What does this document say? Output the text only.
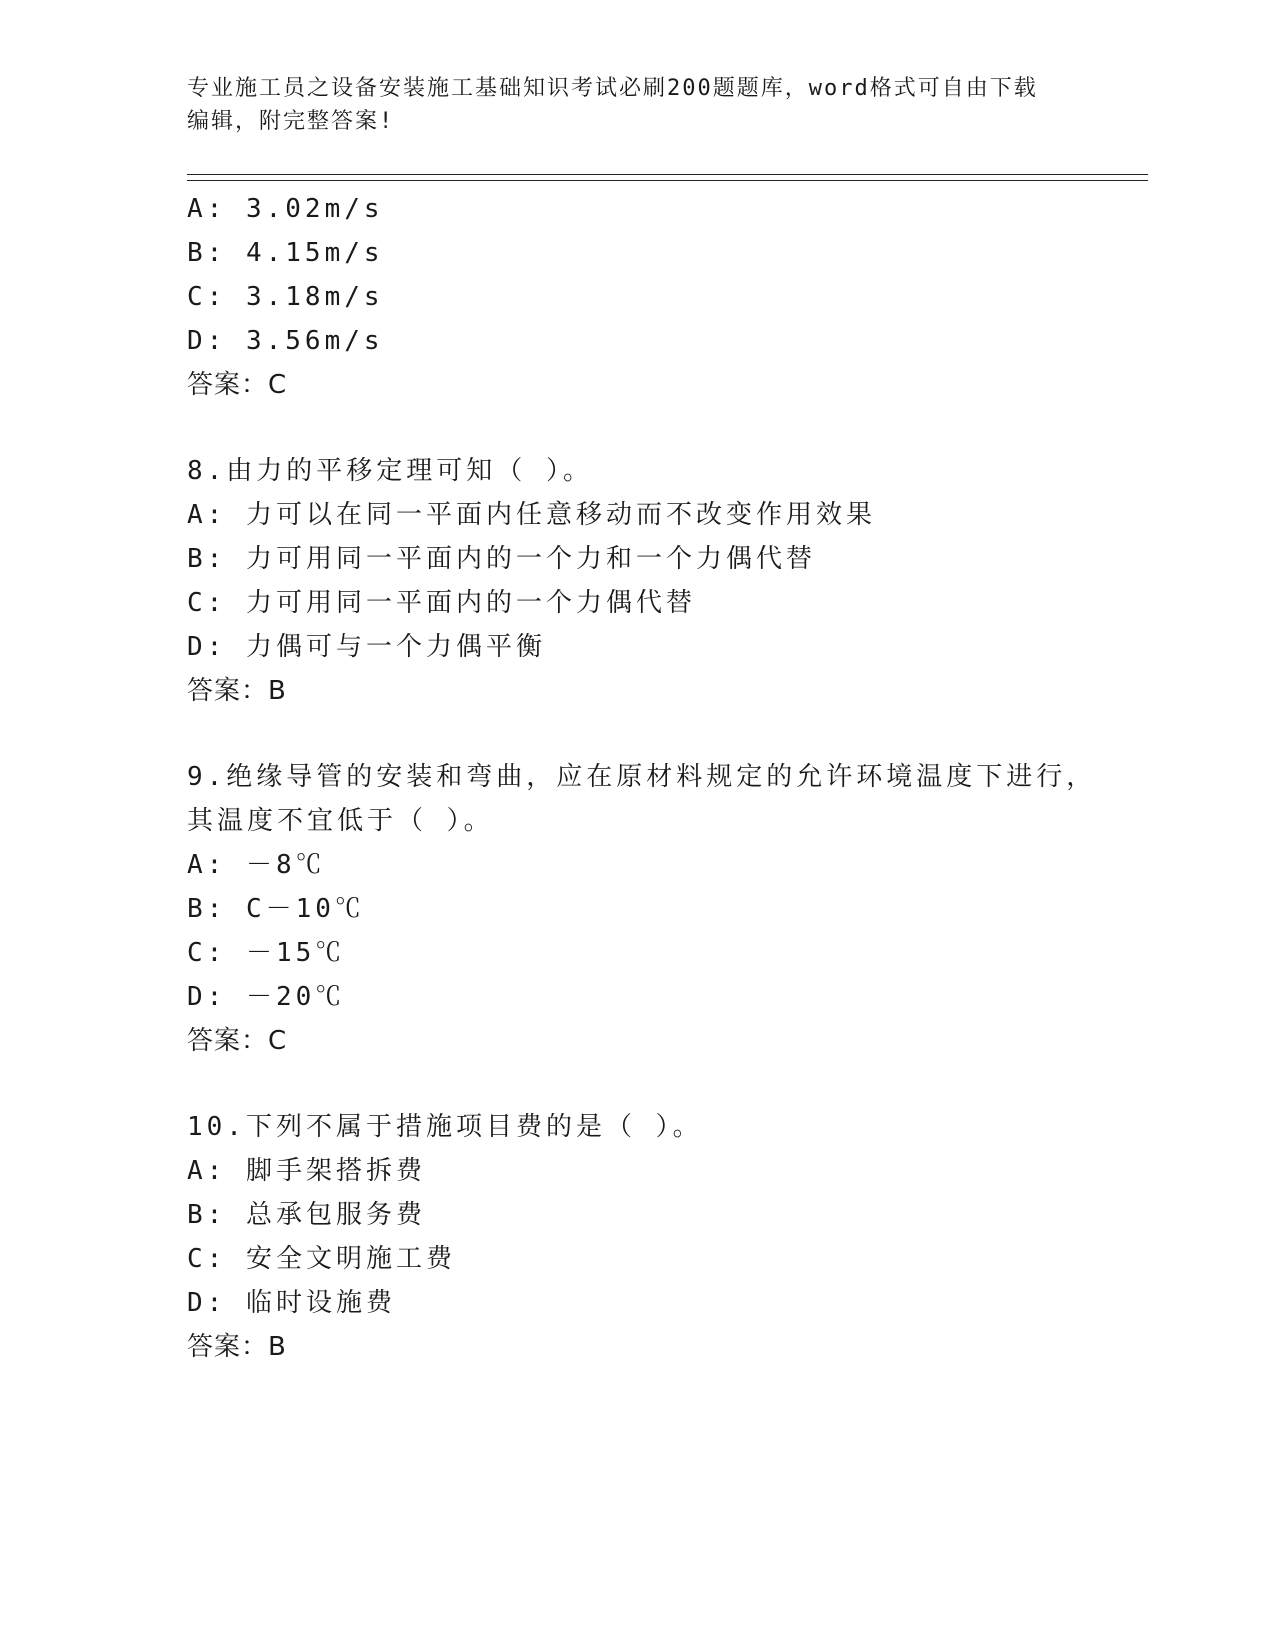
专业施工员之设备安装施工基础知识考试必刷200题题库，word格式可自由下载
编辑，附完整答案!
A: 3.02m/s
B: 4.15m/s
C: 3.18m/s
D: 3.56m/s
答案：C
8.由力的平移定理可知（ ）。
A: 力可以在同一平面内任意移动而不改变作用效果
B: 力可用同一平面内的一个力和一个力偶代替
C: 力可用同一平面内的一个力偶代替
D: 力偶可与一个力偶平衡
答案：B
9.绝缘导管的安装和弯曲，应在原材料规定的允许环境温度下进行，
其温度不宜低于（ ）。
A: －8℃
B: C－10℃
C: －15℃
D: －20℃
答案：C
10.下列不属于措施项目费的是（ ）。
A: 脚手架搭拆费
B: 总承包服务费
C: 安全文明施工费
D: 临时设施费
答案：B
